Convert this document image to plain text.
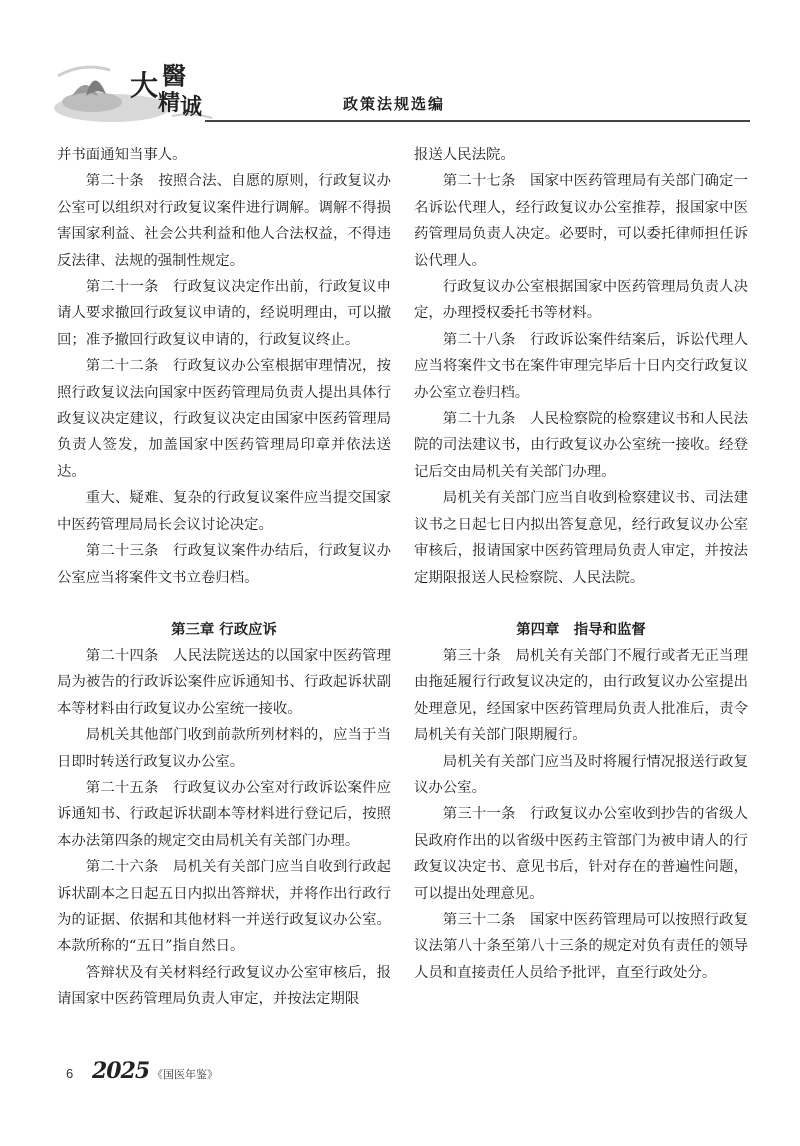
大 醫
精 诚	政策法规选编

并书面通知当事人。

第二十条　按照合法、自愿的原则，行政复议办公室可以组织对行政复议案件进行调解。调解不得损害国家利益、社会公共利益和他人合法权益，不得违反法律、法规的强制性规定。

第二十一条　行政复议决定作出前，行政复议申请人要求撤回行政复议申请的，经说明理由，可以撤回；准予撤回行政复议申请的，行政复议终止。

第二十二条　行政复议办公室根据审理情况，按照行政复议法向国家中医药管理局负责人提出具体行政复议决定建议，行政复议决定由国家中医药管理局负责人签发，加盖国家中医药管理局印章并依法送达。

重大、疑难、复杂的行政复议案件应当提交国家中医药管理局局长会议讨论决定。

第二十三条　行政复议案件办结后，行政复议办公室应当将案件文书立卷归档。

第三章 行政应诉

第二十四条　人民法院送达的以国家中医药管理局为被告的行政诉讼案件应诉通知书、行政起诉状副本等材料由行政复议办公室统一接收。

局机关其他部门收到前款所列材料的，应当于当日即时转送行政复议办公室。

第二十五条　行政复议办公室对行政诉讼案件应诉通知书、行政起诉状副本等材料进行登记后，按照本办法第四条的规定交由局机关有关部门办理。

第二十六条　局机关有关部门应当自收到行政起诉状副本之日起五日内拟出答辩状，并将作出行政行为的证据、依据和其他材料一并送行政复议办公室。本款所称的“五日”指自然日。

答辩状及有关材料经行政复议办公室审核后，报请国家中医药管理局负责人审定，并按法定期限

报送人民法院。

第二十七条　国家中医药管理局有关部门确定一名诉讼代理人，经行政复议办公室推荐，报国家中医药管理局负责人决定。必要时，可以委托律师担任诉讼代理人。

行政复议办公室根据国家中医药管理局负责人决定，办理授权委托书等材料。

第二十八条　行政诉讼案件结案后，诉讼代理人应当将案件文书在案件审理完毕后十日内交行政复议办公室立卷归档。

第二十九条　人民检察院的检察建议书和人民法院的司法建议书，由行政复议办公室统一接收。经登记后交由局机关有关部门办理。

局机关有关部门应当自收到检察建议书、司法建议书之日起七日内拟出答复意见，经行政复议办公室审核后，报请国家中医药管理局负责人审定，并按法定期限报送人民检察院、人民法院。

第四章　指导和监督

第三十条　局机关有关部门不履行或者无正当理由拖延履行行政复议决定的，由行政复议办公室提出处理意见，经国家中医药管理局负责人批准后，责令局机关有关部门限期履行。

局机关有关部门应当及时将履行情况报送行政复议办公室。

第三十一条　行政复议办公室收到抄告的省级人民政府作出的以省级中医药主管部门为被申请人的行政复议决定书、意见书后，针对存在的普遍性问题，可以提出处理意见。

第三十二条　国家中医药管理局可以按照行政复议法第八十条至第八十三条的规定对负有责任的领导人员和直接责任人员给予批评，直至行政处分。

6 2025 《国医年鉴》
